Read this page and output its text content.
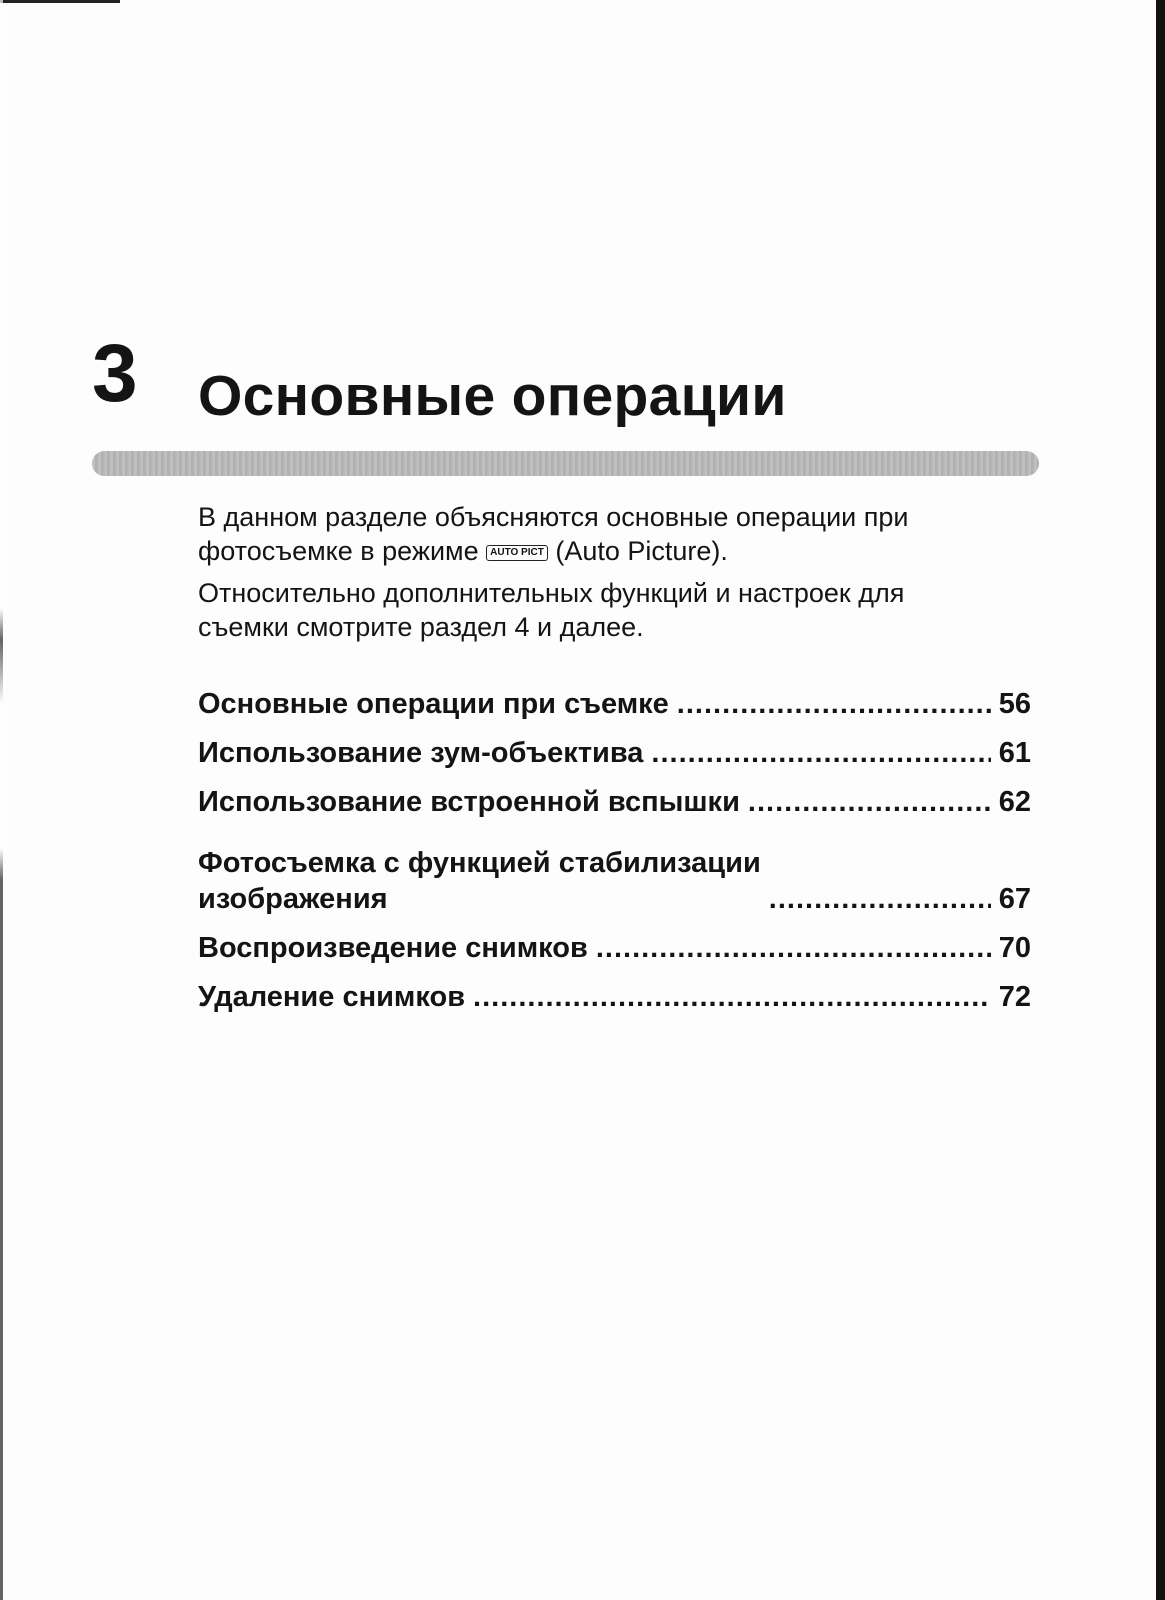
3 Основные операции

В данном разделе объясняются основные операции при фотосъемке в режиме AUTO PICT (Auto Picture).

Относительно дополнительных функций и настроек для съемки смотрите раздел 4 и далее.

Основные операции при съемке .....	56
Использование зум-объектива .....	61
Использование встроенной вспышки .....	62
Фотосъемка с функцией стабилизации
изображения .....	67
Воспроизведение снимков .....	70
Удаление снимков .....	72
